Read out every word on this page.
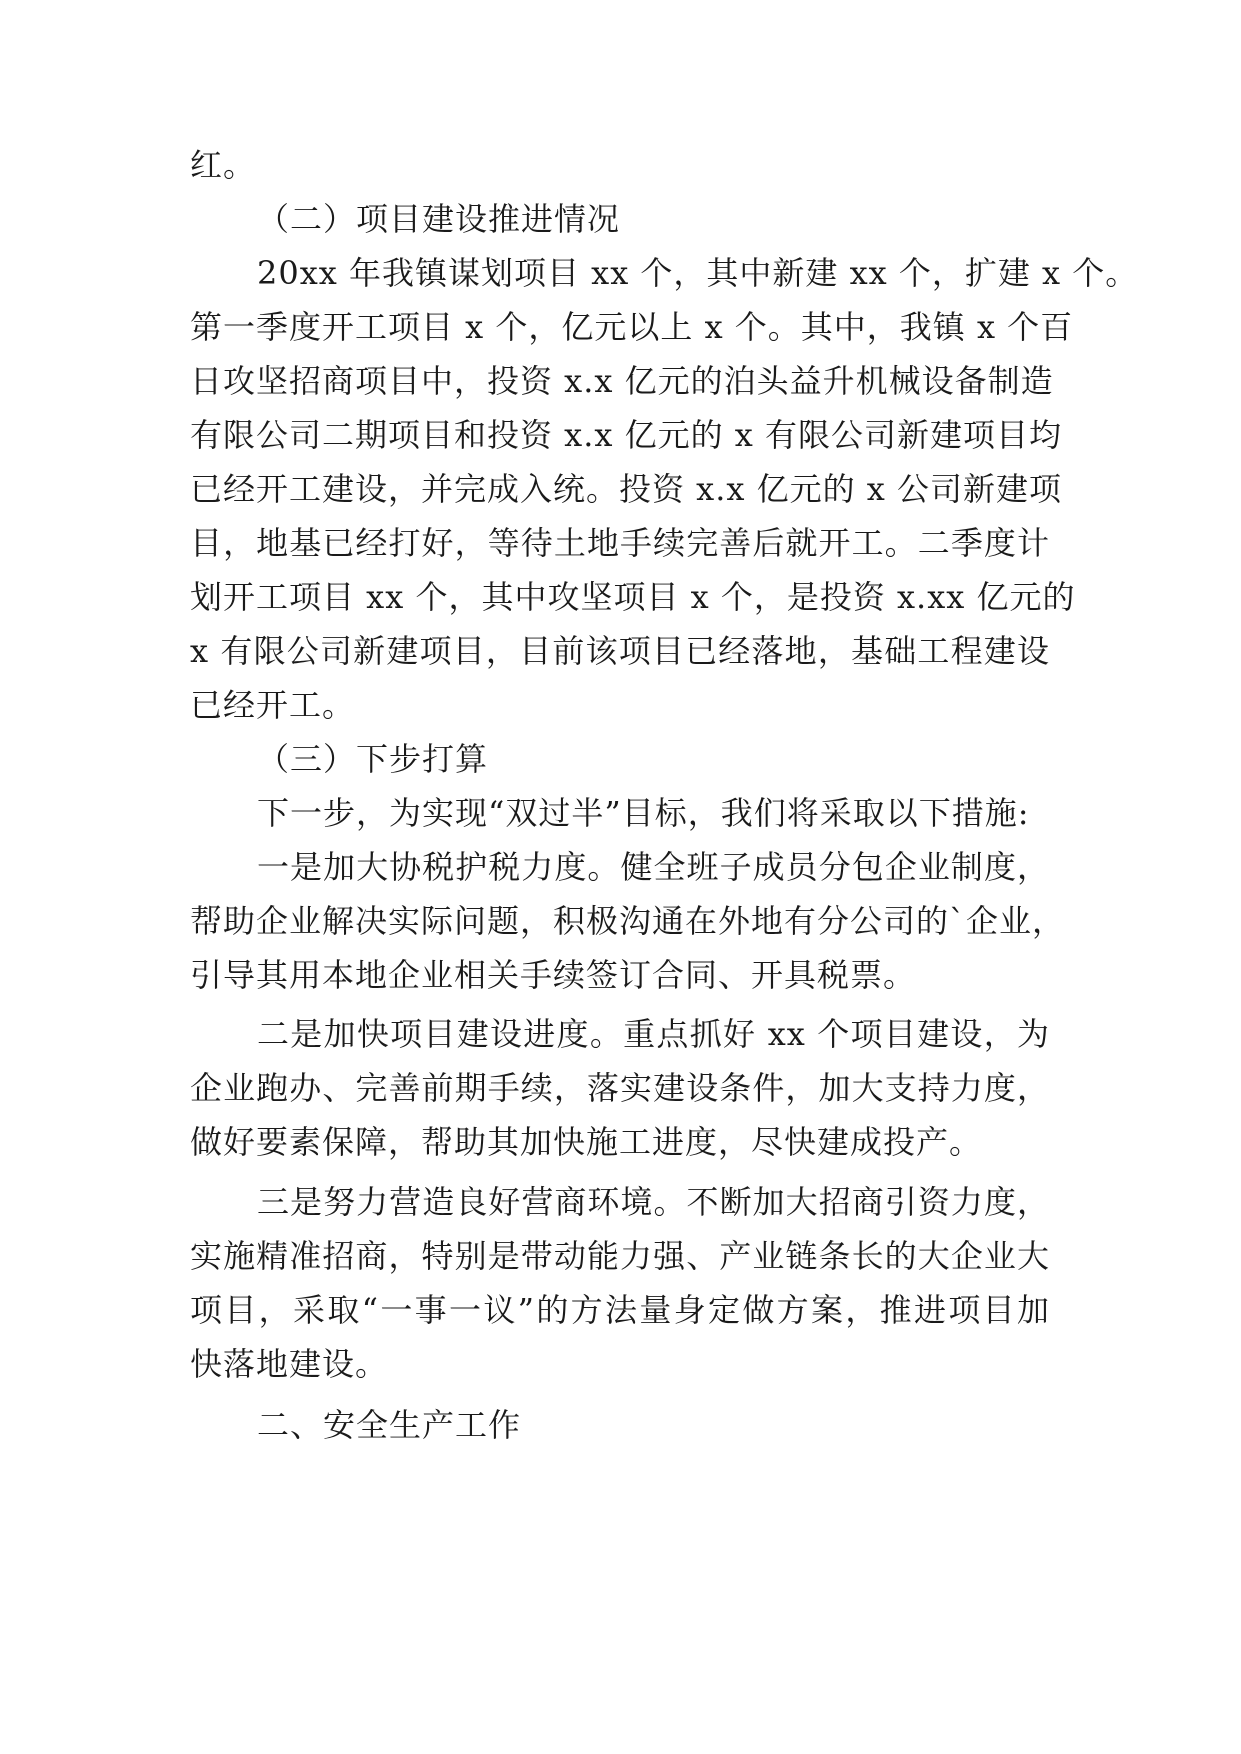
红。
（二）项目建设推进情况
20xx 年我镇谋划项目 xx 个，其中新建 xx 个，扩建 x 个。
第一季度开工项目 x 个，亿元以上 x 个。其中，我镇 x 个百
日攻坚招商项目中，投资 x.x 亿元的泊头益升机械设备制造
有限公司二期项目和投资 x.x 亿元的 x 有限公司新建项目均
已经开工建设，并完成入统。投资 x.x 亿元的 x 公司新建项
目，地基已经打好，等待土地手续完善后就开工。二季度计
划开工项目 xx 个，其中攻坚项目 x 个，是投资 x.xx 亿元的
x 有限公司新建项目，目前该项目已经落地，基础工程建设
已经开工。
（三）下步打算
下一步，为实现“双过半”目标，我们将采取以下措施:
一是加大协税护税力度。健全班子成员分包企业制度，
帮助企业解决实际问题，积极沟通在外地有分公司的`企业，
引导其用本地企业相关手续签订合同、开具税票。
二是加快项目建设进度。重点抓好 xx 个项目建设，为
企业跑办、完善前期手续，落实建设条件，加大支持力度，
做好要素保障，帮助其加快施工进度，尽快建成投产。
三是努力营造良好营商环境。不断加大招商引资力度，
实施精准招商，特别是带动能力强、产业链条长的大企业大
项目，采取“一事一议”的方法量身定做方案，推进项目加
快落地建设。
二、安全生产工作
